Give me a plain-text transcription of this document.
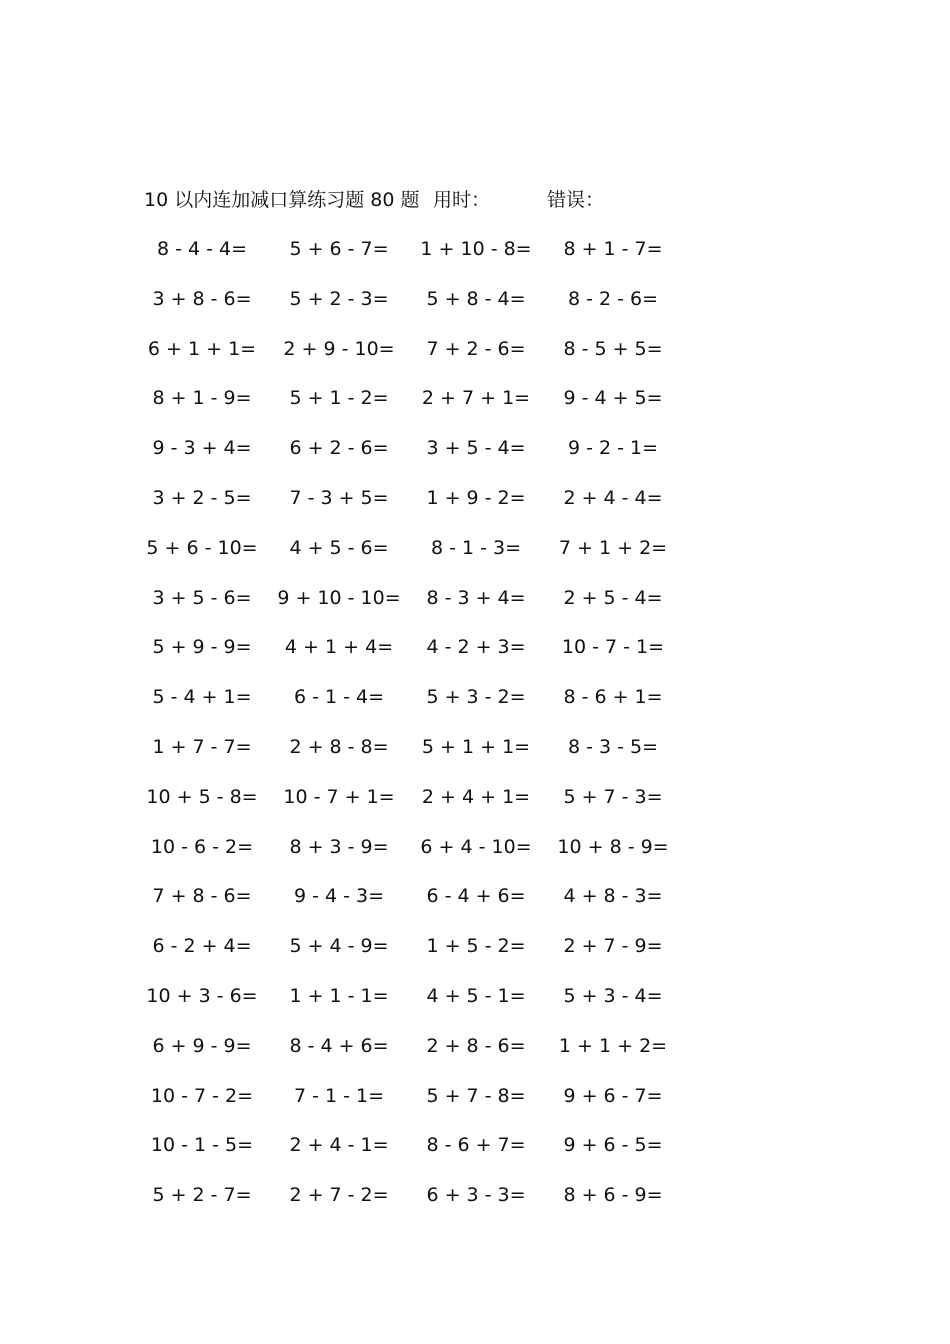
10 以内连加减口算练习题 80 题 用时：	错误：
8 - 4 - 4=	5 + 6 - 7=	1 + 10 - 8=	8 + 1 - 7=
3 + 8 - 6=	5 + 2 - 3=	5 + 8 - 4=	8 - 2 - 6=
6 + 1 + 1=	2 + 9 - 10=	7 + 2 - 6=	8 - 5 + 5=
8 + 1 - 9=	5 + 1 - 2=	2 + 7 + 1=	9 - 4 + 5=
9 - 3 + 4=	6 + 2 - 6=	3 + 5 - 4=	9 - 2 - 1=
3 + 2 - 5=	7 - 3 + 5=	1 + 9 - 2=	2 + 4 - 4=
5 + 6 - 10=	4 + 5 - 6=	8 - 1 - 3=	7 + 1 + 2=
3 + 5 - 6=	9 + 10 - 10=	8 - 3 + 4=	2 + 5 - 4=
5 + 9 - 9=	4 + 1 + 4=	4 - 2 + 3=	10 - 7 - 1=
5 - 4 + 1=	6 - 1 - 4=	5 + 3 - 2=	8 - 6 + 1=
1 + 7 - 7=	2 + 8 - 8=	5 + 1 + 1=	8 - 3 - 5=
10 + 5 - 8=	10 - 7 + 1=	2 + 4 + 1=	5 + 7 - 3=
10 - 6 - 2=	8 + 3 - 9=	6 + 4 - 10=	10 + 8 - 9=
7 + 8 - 6=	9 - 4 - 3=	6 - 4 + 6=	4 + 8 - 3=
6 - 2 + 4=	5 + 4 - 9=	1 + 5 - 2=	2 + 7 - 9=
10 + 3 - 6=	1 + 1 - 1=	4 + 5 - 1=	5 + 3 - 4=
6 + 9 - 9=	8 - 4 + 6=	2 + 8 - 6=	1 + 1 + 2=
10 - 7 - 2=	7 - 1 - 1=	5 + 7 - 8=	9 + 6 - 7=
10 - 1 - 5=	2 + 4 - 1=	8 - 6 + 7=	9 + 6 - 5=
5 + 2 - 7=	2 + 7 - 2=	6 + 3 - 3=	8 + 6 - 9=
